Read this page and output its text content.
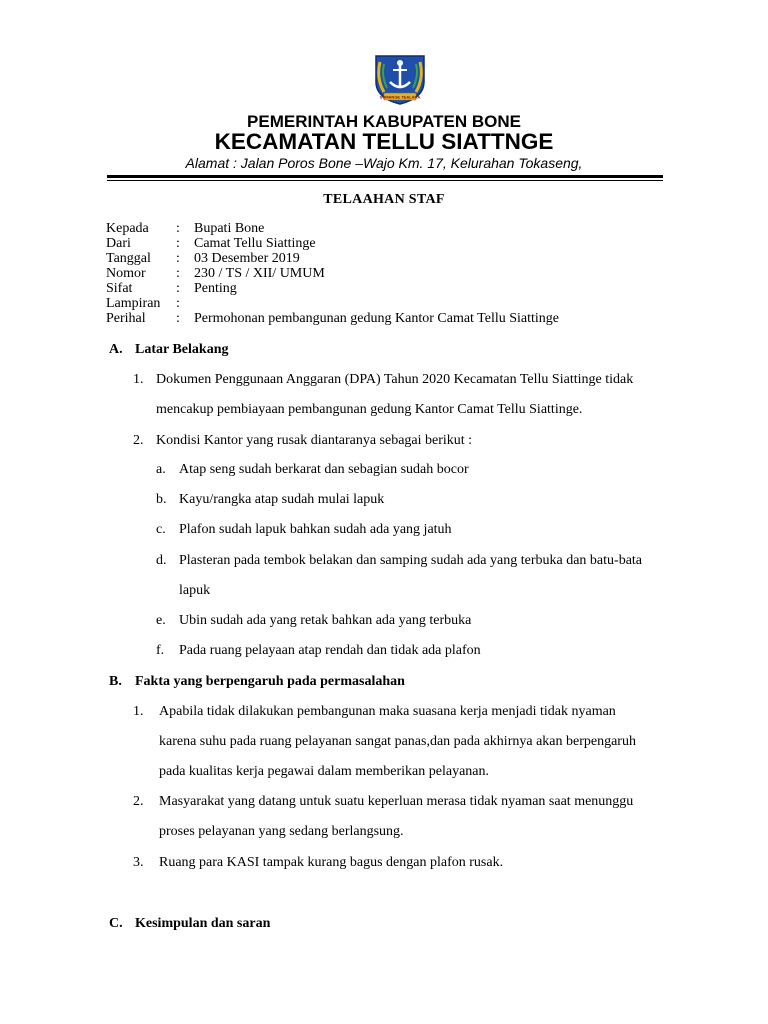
SUMANGE TEALARA
PEMERINTAH KABUPATEN BONE
KECAMATAN TELLU SIATTNGE
Alamat : Jalan Poros Bone –Wajo Km. 17, Kelurahan Tokaseng,
TELAAHAN STAF
Kepada : Bupati Bone
Dari	: Camat Tellu Siattinge
Tanggal : 03 Desember 2019
Nomor : 230 / TS / XII/ UMUM
Sifat	: Penting
Lampiran :
Perihal : Permohonan pembangunan gedung Kantor Camat Tellu Siattinge
A. Latar Belakang
1. Dokumen Penggunaan Anggaran (DPA) Tahun 2020 Kecamatan Tellu Siattinge tidak
mencakup pembiayaan pembangunan gedung Kantor Camat Tellu Siattinge.
2. Kondisi Kantor yang rusak diantaranya sebagai berikut :
a. Atap seng sudah berkarat dan sebagian sudah bocor
b. Kayu/rangka atap sudah mulai lapuk
c. Plafon sudah lapuk bahkan sudah ada yang jatuh
d. Plasteran pada tembok belakan dan samping sudah ada yang terbuka dan batu-bata
lapuk
e. Ubin sudah ada yang retak bahkan ada yang terbuka
f. Pada ruang pelayaan atap rendah dan tidak ada plafon
B. Fakta yang berpengaruh pada permasalahan
1. Apabila tidak dilakukan pembangunan maka suasana kerja menjadi tidak nyaman
karena suhu pada ruang pelayanan sangat panas,dan pada akhirnya akan berpengaruh
pada kualitas kerja pegawai dalam memberikan pelayanan.
2. Masyarakat yang datang untuk suatu keperluan merasa tidak nyaman saat menunggu
proses pelayanan yang sedang berlangsung.
3. Ruang para KASI tampak kurang bagus dengan plafon rusak.
C. Kesimpulan dan saran
